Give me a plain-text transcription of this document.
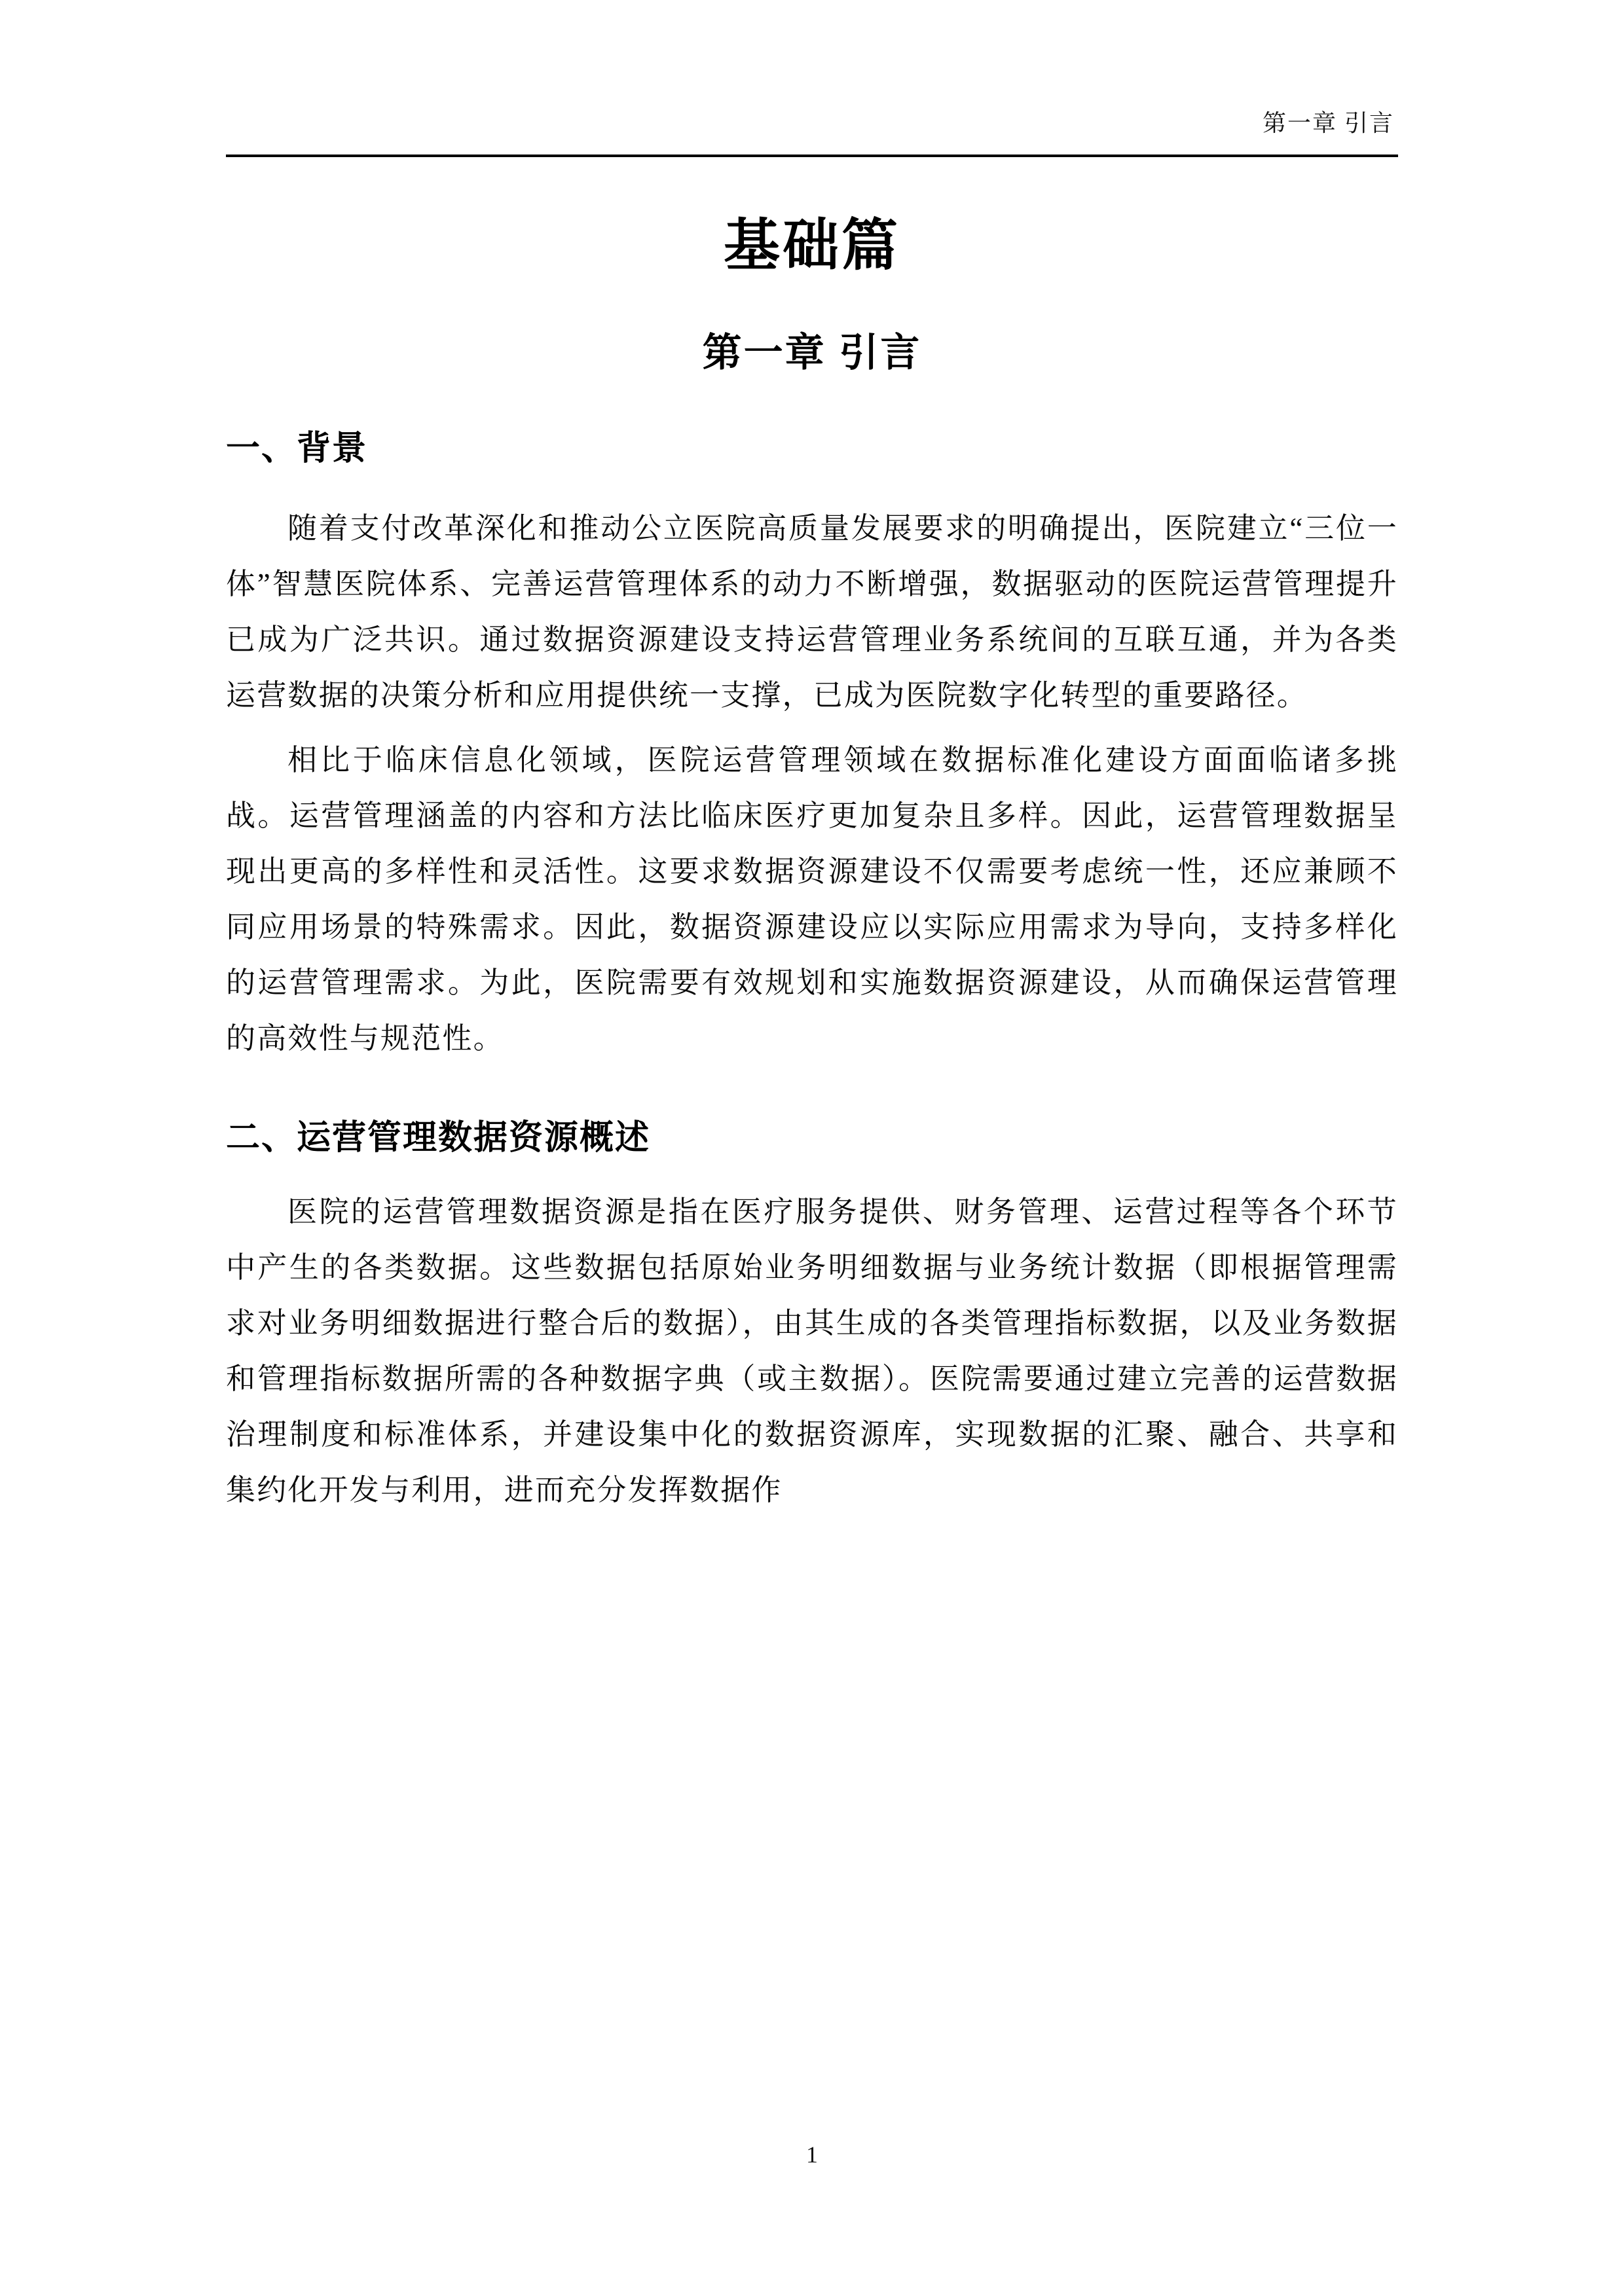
第一章 引言
基础篇
第一章 引言
一、背景

随着支付改革深化和推动公立医院高质量发展要求的明确提出，医院建立“三位一体”智慧医院体系、完善运营管理体系的动力不断增强，数据驱动的医院运营管理提升已成为广泛共识。通过数据资源建设支持运营管理业务系统间的互联互通，并为各类运营数据的决策分析和应用提供统一支撑，已成为医院数字化转型的重要路径。

相比于临床信息化领域，医院运营管理领域在数据标准化建设方面面临诸多挑战。运营管理涵盖的内容和方法比临床医疗更加复杂且多样。因此，运营管理数据呈现出更高的多样性和灵活性。这要求数据资源建设不仅需要考虑统一性，还应兼顾不同应用场景的特殊需求。因此，数据资源建设应以实际应用需求为导向，支持多样化的运营管理需求。为此，医院需要有效规划和实施数据资源建设，从而确保运营管理的高效性与规范性。

二、运营管理数据资源概述

医院的运营管理数据资源是指在医疗服务提供、财务管理、运营过程等各个环节中产生的各类数据。这些数据包括原始业务明细数据与业务统计数据（即根据管理需求对业务明细数据进行整合后的数据），由其生成的各类管理指标数据，以及业务数据和管理指标数据所需的各种数据字典（或主数据）。医院需要通过建立完善的运营数据治理制度和标准体系，并建设集中化的数据资源库，实现数据的汇聚、融合、共享和集约化开发与利用，进而充分发挥数据作

1
